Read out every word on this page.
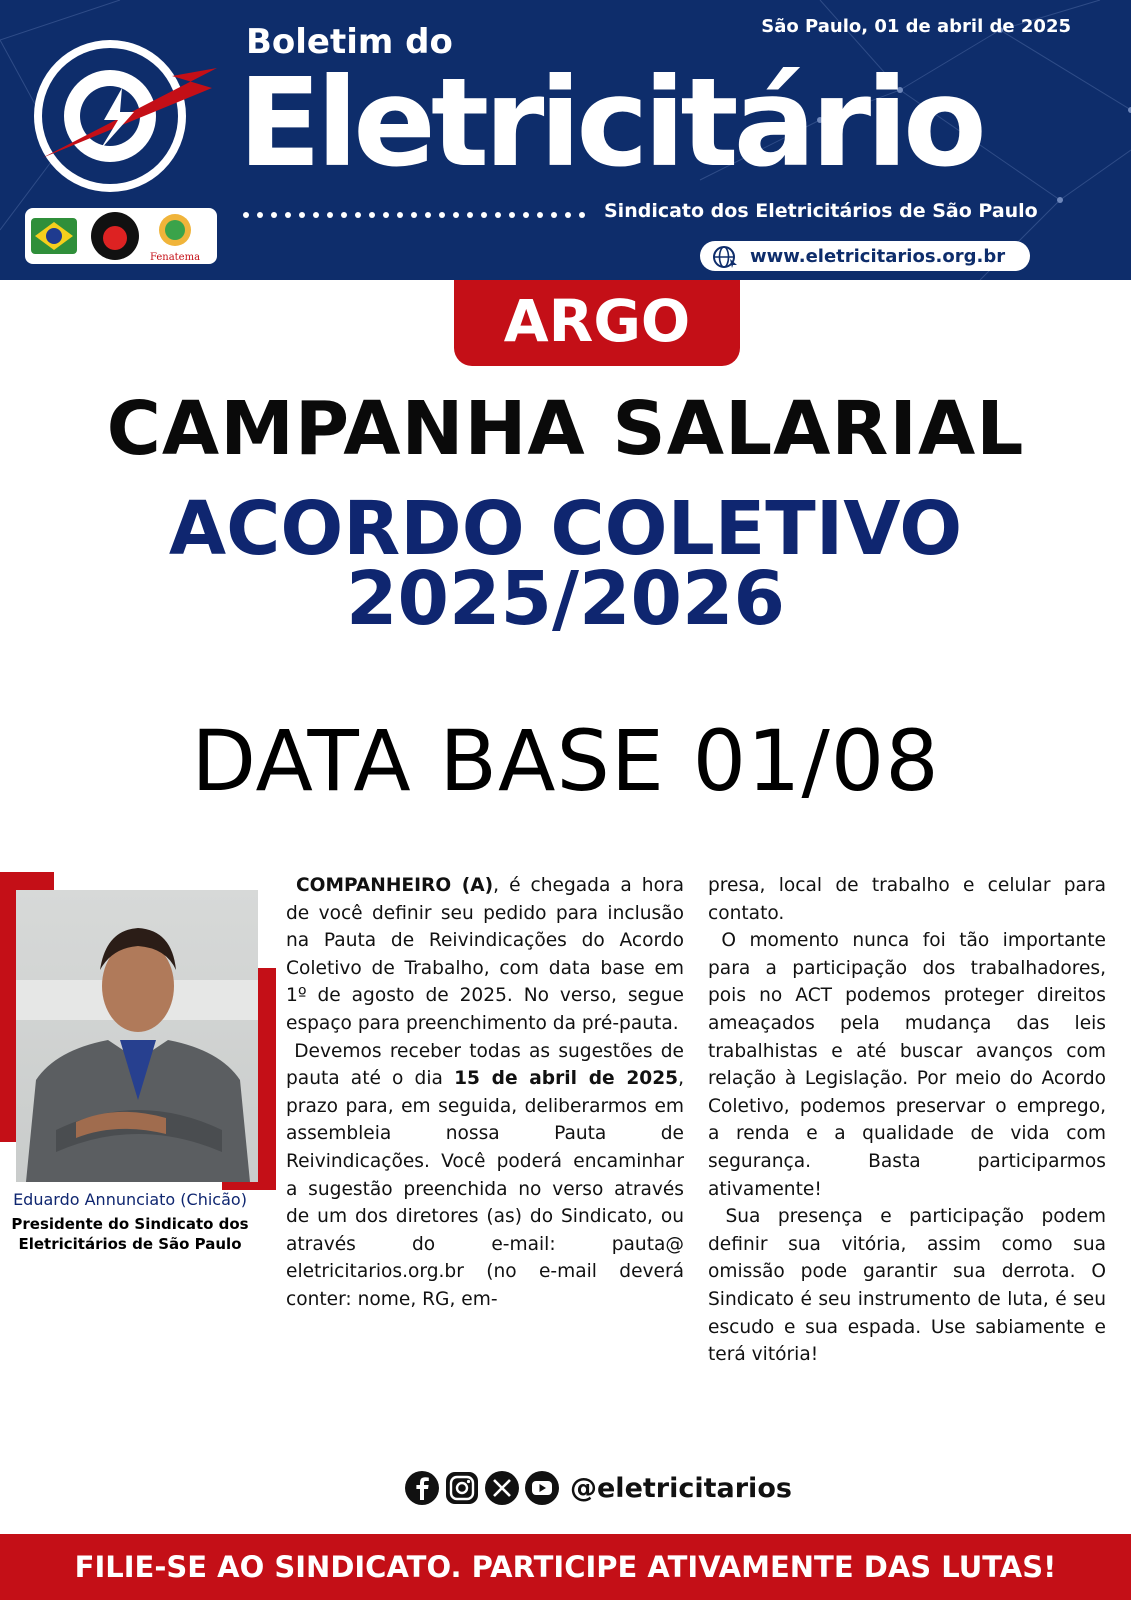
Fenatema
Boletim do
Eletricitário
São Paulo, 01 de abril de 2025
Sindicato dos Eletricitários de São Paulo
www.eletricitarios.org.br
ARGO
CAMPANHA SALARIAL
ACORDO COLETIVO
2025/2026
DATA BASE 01/08
Eduardo Annunciato (Chicão)
Presidente do Sindicato dos
Eletricitários de São Paulo

COMPANHEIRO (A), é chegada a hora de você definir seu pedido para inclusão na Pauta de Reivindicações do Acordo Coletivo de Trabalho, com data base em 1º de agosto de 2025. No verso, segue espaço para preenchimento da pré-pauta.

Devemos receber todas as sugestões de pauta até o dia 15 de abril de 2025, prazo para, em seguida, deliberarmos em assembleia nossa Pauta de Reivindicações. Você poderá encaminhar a sugestão preenchida no verso através de um dos diretores (as) do Sindicato, ou através do e-mail: pauta@ eletricitarios.org.br (no e-mail deverá conter: nome, RG, em-

presa, local de trabalho e celular para contato.

O momento nunca foi tão importante para a participação dos trabalhadores, pois no ACT podemos proteger direitos ameaçados pela mudança das leis trabalhistas e até buscar avanços com relação à Legislação. Por meio do Acordo Coletivo, podemos preservar o emprego, a renda e a qualidade de vida com segurança. Basta participarmos ativamente!

Sua presença e participação podem definir sua vitória, assim como sua omissão pode garantir sua derrota. O Sindicato é seu instrumento de luta, é seu escudo e sua espada. Use sabiamente e terá vitória!

@eletricitarios
FILIE-SE AO SINDICATO. PARTICIPE ATIVAMENTE DAS LUTAS!
